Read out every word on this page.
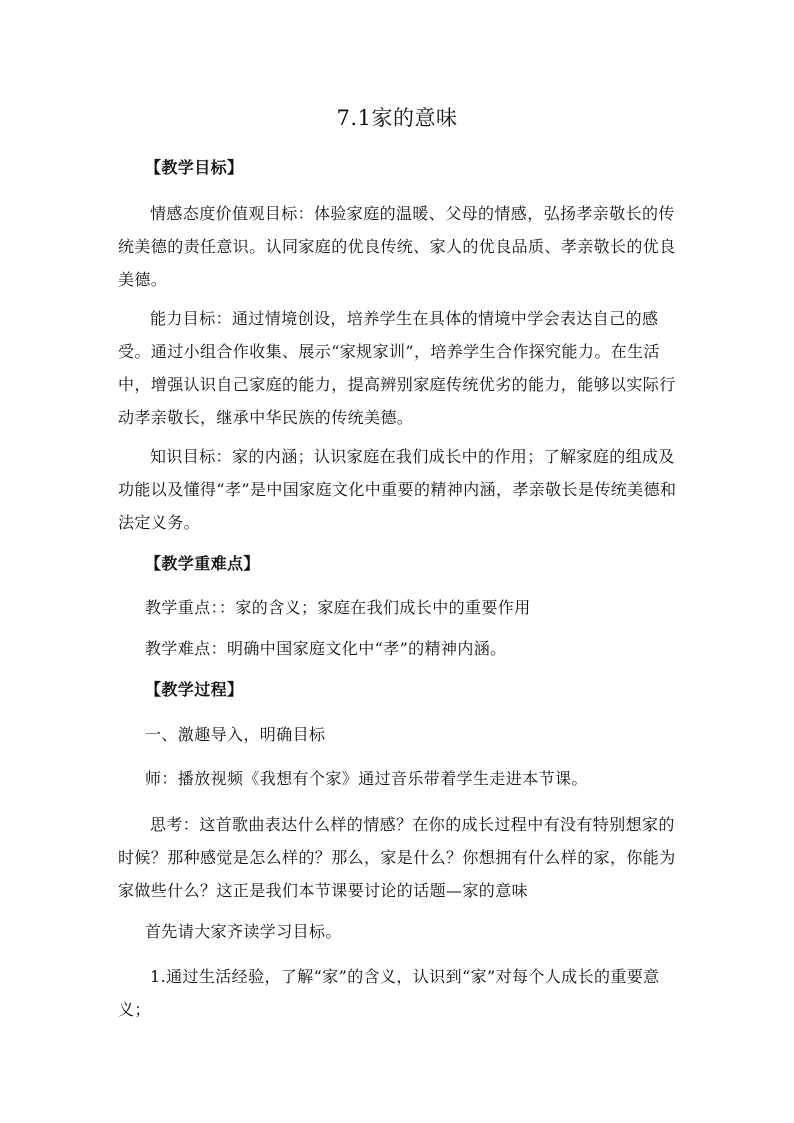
7.1家的意味
【教学目标】

情感态度价值观目标：体验家庭的温暖、父母的情感，弘扬孝亲敬长的传统美德的责任意识。认同家庭的优良传统、家人的优良品质、孝亲敬长的优良美德。

能力目标：通过情境创设，培养学生在具体的情境中学会表达自己的感受。通过小组合作收集、展示“家规家训”，培养学生合作探究能力。在生活中，增强认识自己家庭的能力，提高辨别家庭传统优劣的能力，能够以实际行动孝亲敬长，继承中华民族的传统美德。

知识目标：家的内涵；认识家庭在我们成长中的作用；了解家庭的组成及功能以及懂得“孝”是中国家庭文化中重要的精神内涵，孝亲敬长是传统美德和法定义务。

【教学重难点】
教学重点：：家的含义；家庭在我们成长中的重要作用
教学难点：明确中国家庭文化中“孝”的精神内涵。
【教学过程】
一、激趣导入，明确目标
师：播放视频《我想有个家》通过音乐带着学生走进本节课。

思考：这首歌曲表达什么样的情感？在你的成长过程中有没有特别想家的时候？那种感觉是怎么样的？那么，家是什么？你想拥有什么样的家，你能为家做些什么？这正是我们本节课要讨论的话题—家的意味

首先请大家齐读学习目标。

1.通过生活经验，了解“家”的含义，认识到“家”对每个人成长的重要意义；
